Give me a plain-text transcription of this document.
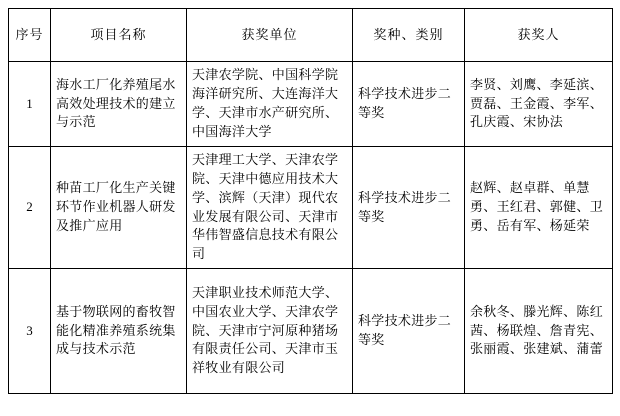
序号	项目名称	获奖单位	奖种、类别	获奖人
1	海水工厂化养殖尾水高效处理技术的建立与示范	天津农学院、中国科学院海洋研究所、大连海洋大学、天津市水产研究所、中国海洋大学	科学技术进步二等奖	李贤、刘鹰、李延滨、贾磊、王金霞、李军、孔庆霞、宋协法
2	种苗工厂化生产关键环节作业机器人研发及推广应用	天津理工大学、天津农学院、天津中德应用技术大学、滨辉（天津）现代农业发展有限公司、天津市华伟智盛信息技术有限公司	科学技术进步二等奖	赵辉、赵卓群、单慧勇、王红君、郭健、卫勇、岳有军、杨延荣
3	基于物联网的畜牧智能化精准养殖系统集成与技术示范	天津职业技术师范大学、中国农业大学、天津农学院、天津市宁河原种猪场有限责任公司、天津市玉祥牧业有限公司	科学技术进步二等奖	余秋冬、滕光辉、陈红茜、杨联煌、詹青宪、张丽霞、张建斌、蒲蕾
